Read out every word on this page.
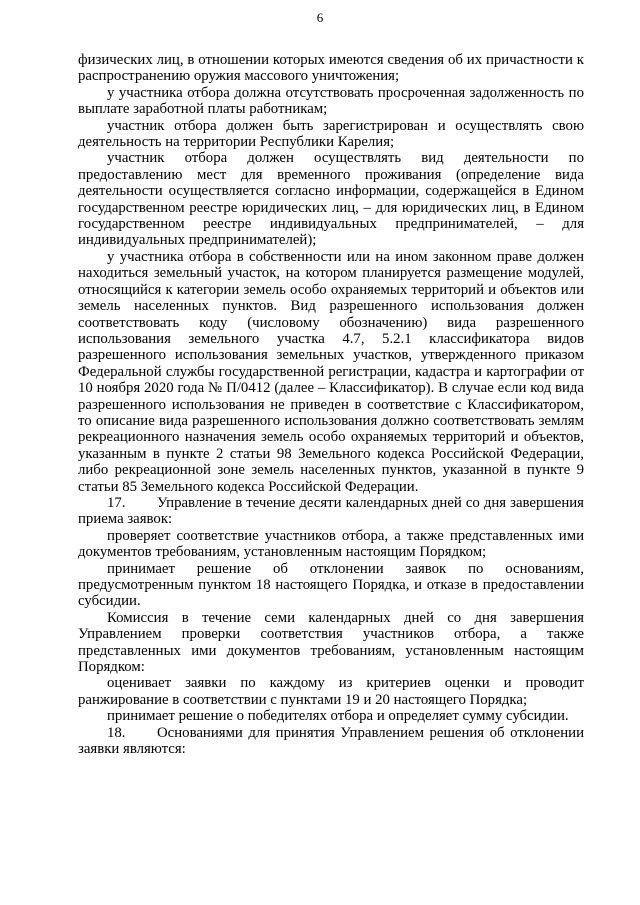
6

физических лиц, в отношении которых имеются сведения об их причастности к распространению оружия массового уничтожения;

у участника отбора должна отсутствовать просроченная задолженность по выплате заработной платы работникам;

участник отбора должен быть зарегистрирован и осуществлять свою деятельность на территории Республики Карелия;

участник отбора должен осуществлять вид деятельности по предоставлению мест для временного проживания (определение вида деятельности осуществляется согласно информации, содержащейся в Едином государственном реестре юридических лиц, – для юридических лиц, в Едином государственном реестре индивидуальных предпринимателей, – для индивидуальных предпринимателей);

у участника отбора в собственности или на ином законном праве должен находиться земельный участок, на котором планируется размещение модулей, относящийся к категории земель особо охраняемых территорий и объектов или земель населенных пунктов. Вид разрешенного использования должен соответствовать коду (числовому обозначению) вида разрешенного использования земельного участка 4.7, 5.2.1 классификатора видов разрешенного использования земельных участков, утвержденного приказом Федеральной службы государственной регистрации, кадастра и картографии от 10 ноября 2020 года № П/0412 (далее – Классификатор). В случае если код вида разрешенного использования не приведен в соответствие с Классификатором, то описание вида разрешенного использования должно соответствовать землям рекреационного назначения земель особо охраняемых территорий и объектов, указанным в пункте 2 статьи 98 Земельного кодекса Российской Федерации, либо рекреационной зоне земель населенных пунктов, указанной в пункте 9 статьи 85 Земельного кодекса Российской Федерации.

17. Управление в течение десяти календарных дней со дня завершения приема заявок:

проверяет соответствие участников отбора, а также представленных ими документов требованиям, установленным настоящим Порядком;

принимает решение об отклонении заявок по основаниям, предусмотренным пунктом 18 настоящего Порядка, и отказе в предоставлении субсидии.

Комиссия в течение семи календарных дней со дня завершения Управлением проверки соответствия участников отбора, а также представленных ими документов требованиям, установленным настоящим Порядком:

оценивает заявки по каждому из критериев оценки и проводит ранжирование в соответствии с пунктами 19 и 20 настоящего Порядка;

принимает решение о победителях отбора и определяет сумму субсидии.

18. Основаниями для принятия Управлением решения об отклонении заявки являются:
